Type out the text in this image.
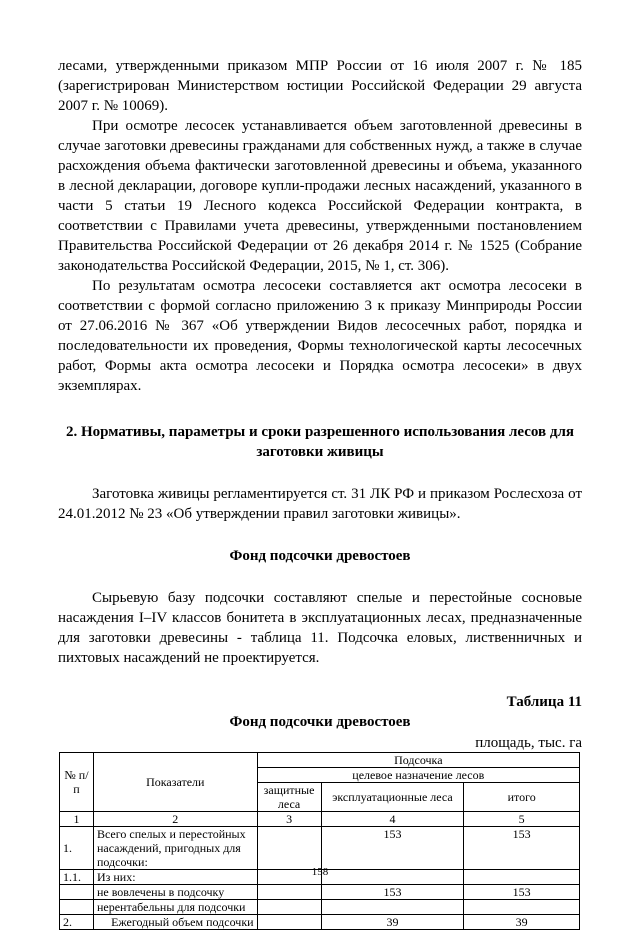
лесами, утвержденными приказом МПР России от 16 июля 2007 г. № 185 (зарегистрирован Министерством юстиции Российской Федерации 29 августа 2007 г. № 10069).

При осмотре лесосек устанавливается объем заготовленной древесины в случае заготовки древесины гражданами для собственных нужд, а также в случае расхождения объема фактически заготовленной древесины и объема, указанного в лесной декларации, договоре купли-продажи лесных насаждений, указанного в части 5 статьи 19 Лесного кодекса Российской Федерации контракта, в соответствии с Правилами учета древесины, утвержденными постановлением Правительства Российской Федерации от 26 декабря 2014 г. № 1525 (Собрание законодательства Российской Федерации, 2015, № 1, ст. 306).

По результатам осмотра лесосеки составляется акт осмотра лесосеки в соответствии с формой согласно приложению 3 к приказу Минприроды России от 27.06.2016 № 367 «Об утверждении Видов лесосечных работ, порядка и последовательности их проведения, Формы технологической карты лесосечных работ, Формы акта осмотра лесосеки и Порядка осмотра лесосеки» в двух экземплярах.

2. Нормативы, параметры и сроки разрешенного использования лесов для заготовки живицы

Заготовка живицы регламентируется ст. 31 ЛК РФ и приказом Рослесхоза от 24.01.2012 № 23 «Об утверждении правил заготовки живицы».

Фонд подсочки древостоев

Сырьевую базу подсочки составляют спелые и перестойные сосновые насаждения I–IV классов бонитета в эксплуатационных лесах, предназначенные для заготовки древесины - таблица 11. Подсочка еловых, лиственничных и пихтовых насаждений не проектируется.

Таблица 11
Фонд подсочки древостоев
площадь, тыс. га
№ п/п	Показатели	Подсочка		
		целевое назначение лесов		
		защитные леса	эксплуатационные леса	итого
1	2	3	4	5
1.	Всего спелых и перестойных насаждений, пригодных для подсочки:		153	153
1.1.	Из них:			
	не вовлечены в подсочку		153	153
	нерентабельны для подсочки			
2.	Ежегодный объем подсочки		39	39
158
